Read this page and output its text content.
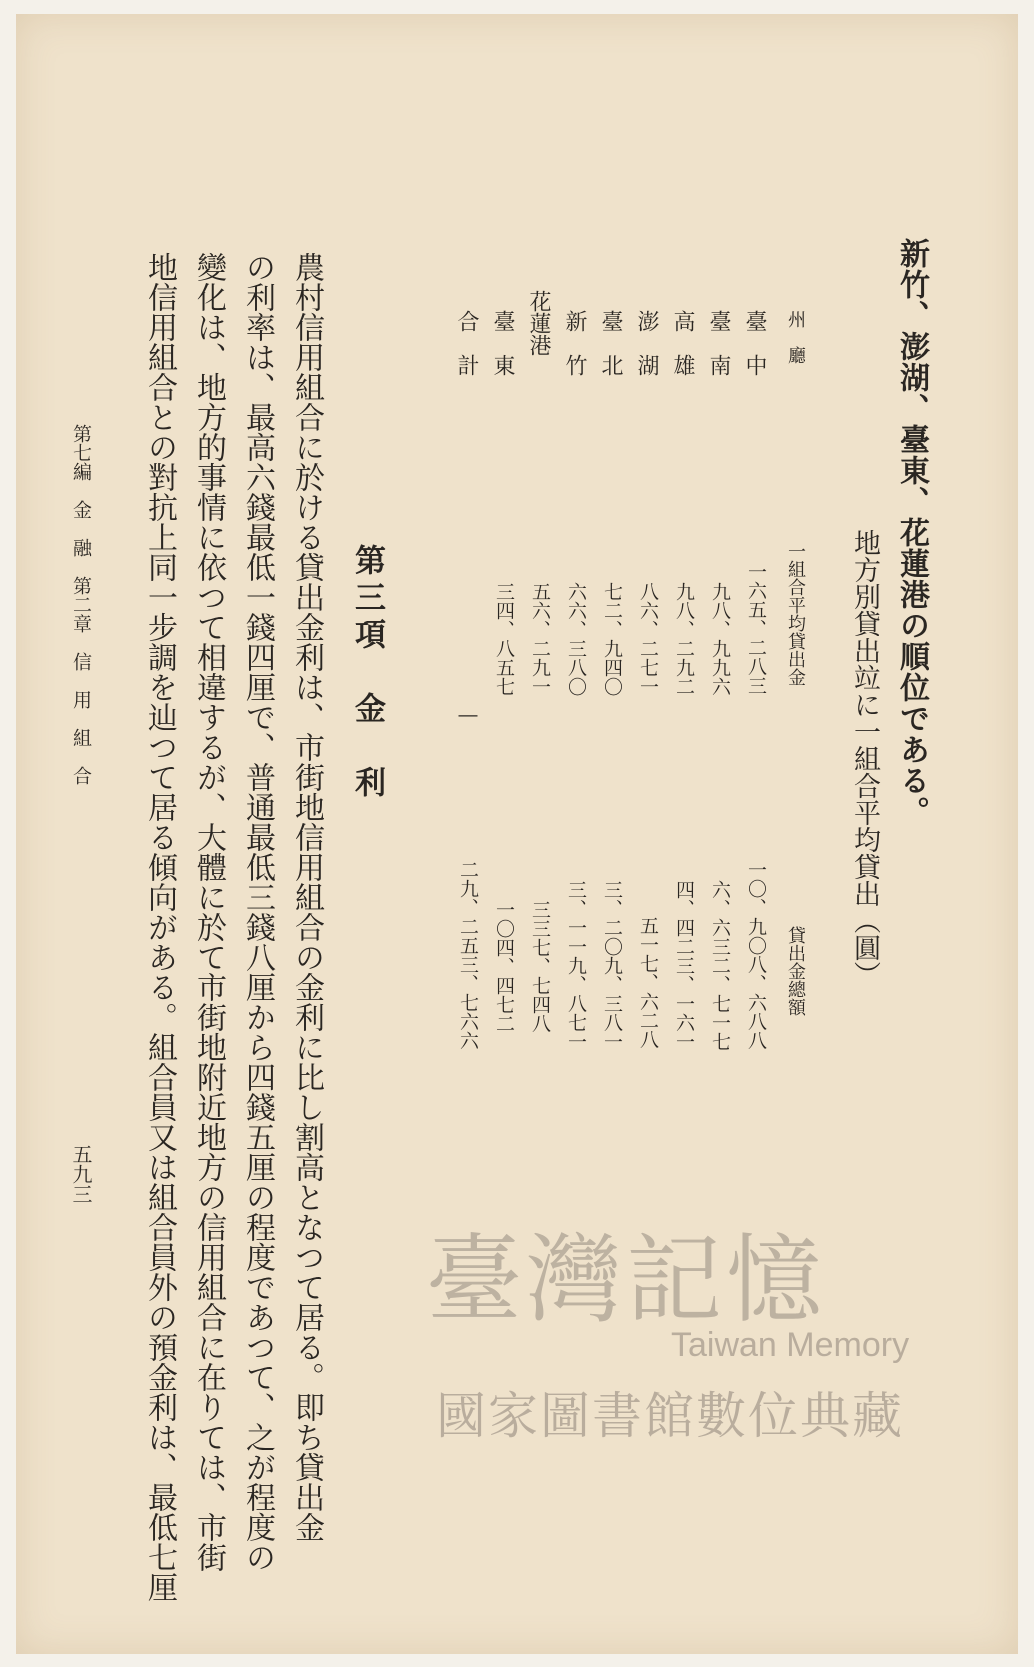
新竹、澎湖、臺東、花蓮港の順位である。
地方別貸出竝に一組合平均貸出（圓）
州　廳
一組合平均貸出金
貸出金總額
臺　中
一六五、二八三
一〇、九〇八、六八八
臺　南
九八、九九六
六、六三二、七一七
高　雄
九八、二九二
四、四二三、一六一
澎　湖
八六、二七一
五一七、六二八
臺　北
七二、九四〇
三、二〇九、三八一
新　竹
六六、三八〇
三、一一九、八七一
花蓮港
五六、二九一
三三七、七四八
臺　東
三四、八五七
一〇四、四七二
合　計
―
二九、二五三、七六六
第三項　金　利
農村信用組合に於ける貸出金利は、市街地信用組合の金利に比し割高となつて居る。即ち貸出金
の利率は、最高六錢最低一錢四厘で、普通最低三錢八厘から四錢五厘の程度であつて、之が程度の
變化は、地方的事情に依つて相違するが、大體に於て市街地附近地方の信用組合に在りては、市街
地信用組合との對抗上同一步調を辿つて居る傾向がある。組合員又は組合員外の預金利は、最低七厘
第七編　金　融　第二章　信　用　組　合
五九三
臺灣記憶
Taiwan Memory
國家圖書館數位典藏
